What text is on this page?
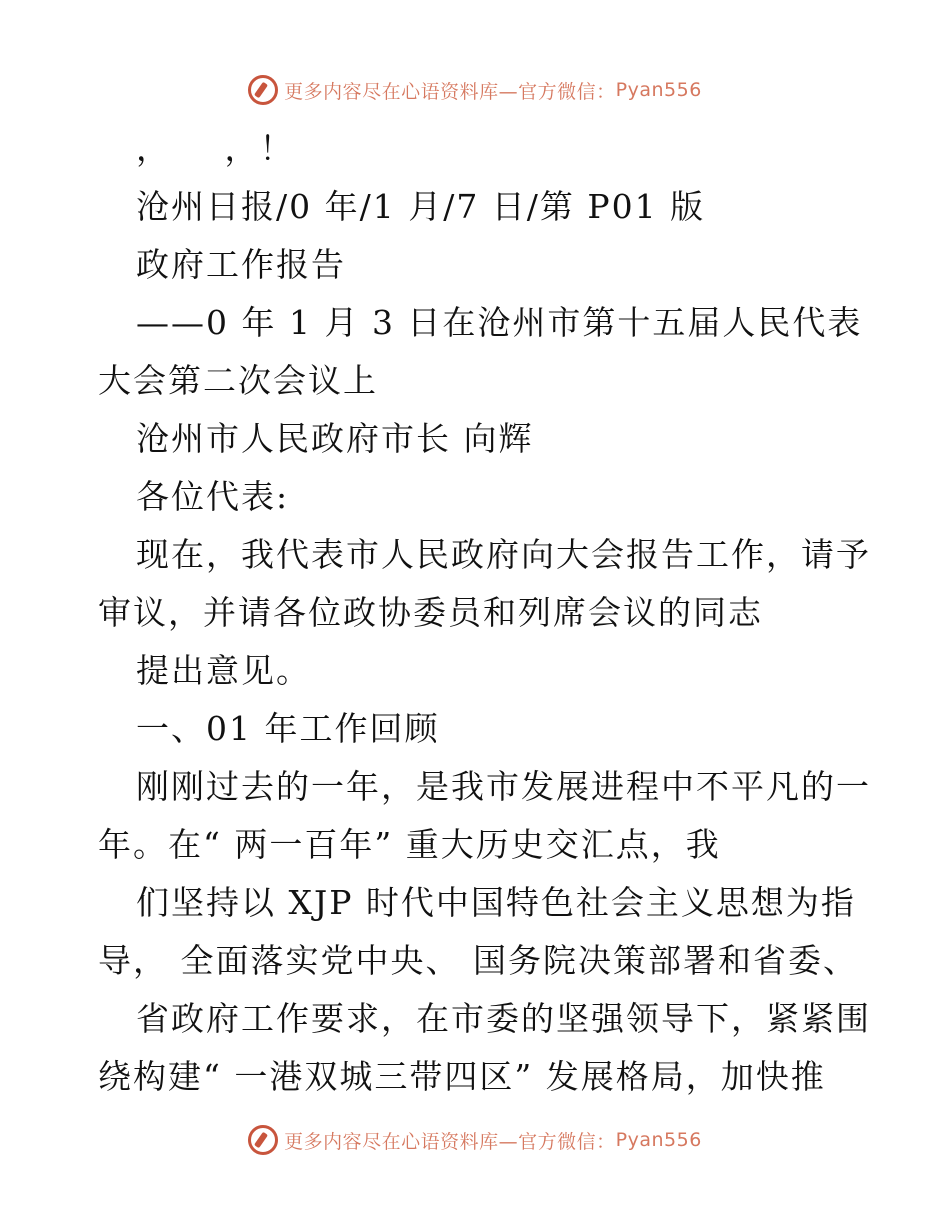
更多内容尽在心语资料库—官方微信： Pyan556
，　　，！
沧州日报/0 年/1 月/7 日/第 P01 版
政府工作报告
——0 年 1 月 3 日在沧州市第十五届人民代表
大会第二次会议上
沧州市人民政府市长 向辉
各位代表:
现在，我代表市人民政府向大会报告工作，请予
审议，并请各位政协委员和列席会议的同志
提出意见。
一、01 年工作回顾
刚刚过去的一年，是我市发展进程中不平凡的一
年。在“ 两一百年” 重大历史交汇点，我
们坚持以 XJP 时代中国特色社会主义思想为指
导， 全面落实党中央、 国务院决策部署和省委、
省政府工作要求，在市委的坚强领导下，紧紧围
绕构建“ 一港双城三带四区” 发展格局，加快推
更多内容尽在心语资料库—官方微信： Pyan556
